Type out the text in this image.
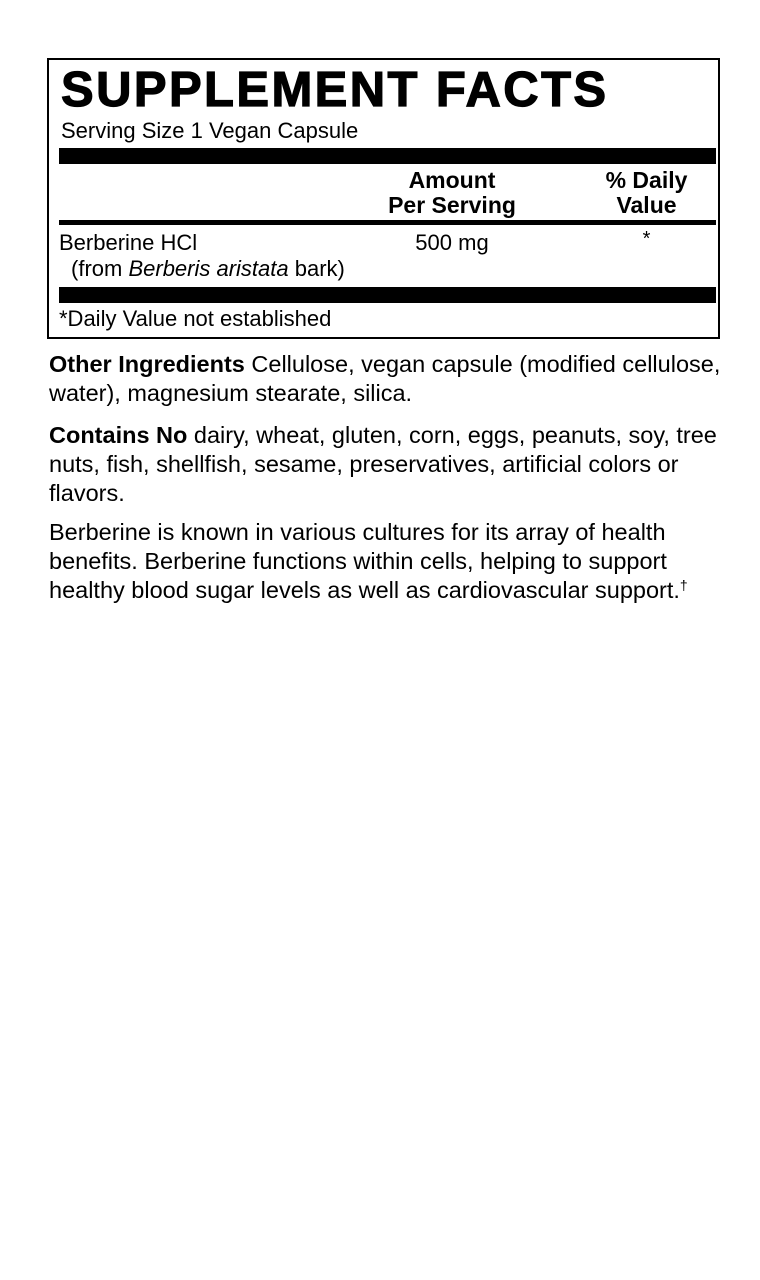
SUPPLEMENT FACTS
Serving Size 1 Vegan Capsule
Amount
Per Serving
% Daily
Value
Berberine HCl
(from Berberis aristata bark)
500 mg	*
*Daily Value not established

Other Ingredients Cellulose, vegan capsule (modified cellulose, water), magnesium stearate, silica.

Contains No dairy, wheat, gluten, corn, eggs, peanuts, soy, tree nuts, fish, shellfish, sesame, preservatives, artificial colors or flavors.

Berberine is known in various cultures for its array of health benefits. Berberine functions within cells, helping to support healthy blood sugar levels as well as cardiovascular support.†
